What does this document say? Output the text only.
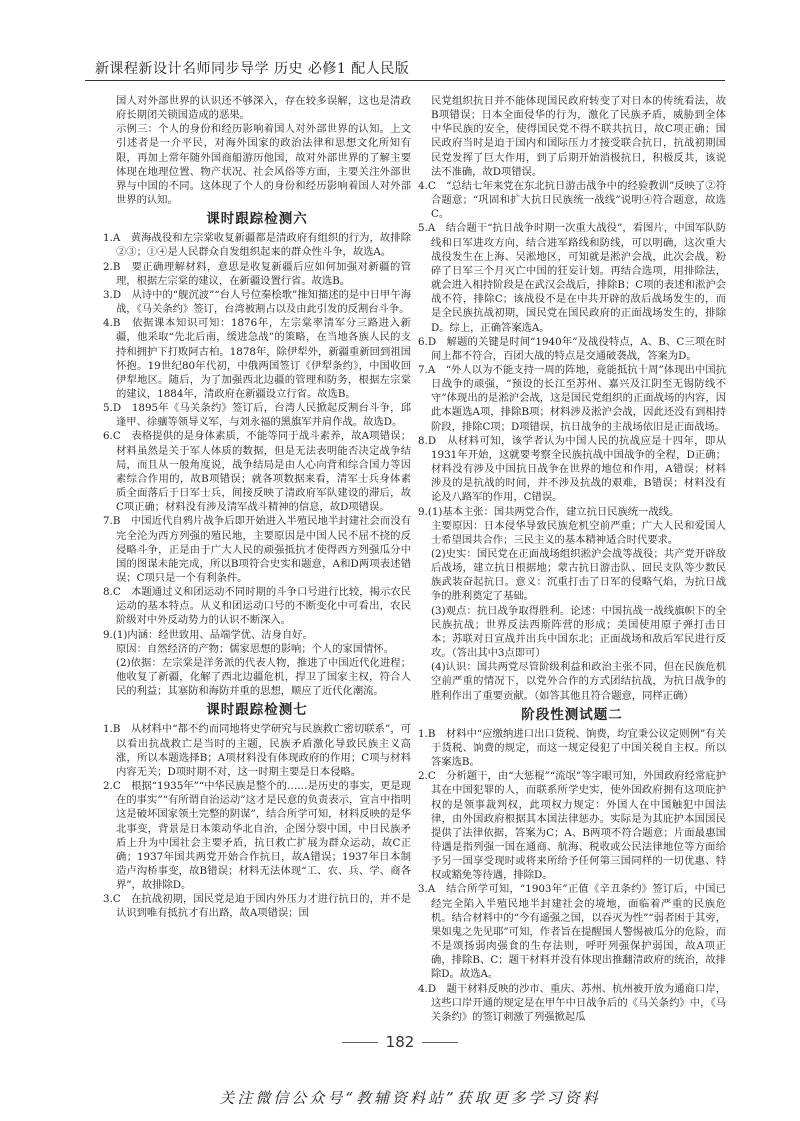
新课程新设计名师同步导学 历史 必修1 配人民版

国人对外部世界的认识还不够深入，存在较多误解，这也是清政府长期闭关锁国造成的恶果。

示例三：个人的身份和经历影响着国人对外部世界的认知。上文引述者是一介平民，对海外国家的政治法律和思想文化所知有限，再加上常年随外国商船游历他国，故对外部世界的了解主要体现在地理位置、物产状况、社会风俗等方面，主要关注外部世界与中国的不同。这体现了个人的身份和经历影响着国人对外部世界的认知。

课时跟踪检测六

1.A　黄海战役和左宗棠收复新疆都是清政府有组织的行为，故排除②③；①④是人民群众自发组织起来的群众性斗争，故选A。

2.B　要正确理解材料，意思是收复新疆后应如何加强对新疆的管理，根据左宗棠的建议，在新疆设置行省。故选B。

3.D　从诗中的“舰沉波”“台人号位秦桧歌”推知描述的是中日甲午海战，《马关条约》签订，台湾被割占以及由此引发的反割台斗争。

4.B　依据课本知识可知：1876年，左宗棠率清军分三路进入新疆，他采取“先北后南，缓进急战”的策略，在当地各族人民的支持和拥护下打败阿古柏。1878年，除伊犁外，新疆重新回到祖国怀抱。19世纪80年代初，中俄两国签订《伊犁条约》，中国收回伊犁地区。随后，为了加强西北边疆的管理和防务，根据左宗棠的建议，1884年，清政府在新疆设立行省。故选B。

5.D　1895年《马关条约》签订后，台湾人民掀起反割台斗争，邱逢甲、徐骧等领导义军，与刘永福的黑旗军并肩作战。故选D。

6.C　表格提供的是身体素质，不能等同于战斗素养，故A项错误；材料虽然是关于军人体质的数据，但是无法表明能否决定战争结局，而且从一般角度说，战争结局是由人心向背和综合国力等因素综合作用的，故B项错误；就各项数据来看，清军士兵身体素质全面落后于日军士兵，间接反映了清政府军队建设的滞后，故C项正确；材料没有涉及清军战斗精神的信息，故D项错误。

7.B　中国近代自鸦片战争后即开始进入半殖民地半封建社会而没有完全沦为西方列强的殖民地，主要原因是中国人民不屈不挠的反侵略斗争，正是由于广大人民的顽强抵抗才使得西方列强瓜分中国的图谋未能完成，所以B项符合史实和题意，A和D两项表述错误；C项只是一个有利条件。

8.C　本题通过义和团运动不同时期的斗争口号进行比较，揭示农民运动的基本特点。从义和团运动口号的不断变化中可看出，农民阶级对中外反动势力的认识不断深入。

9.(1)内涵：经世致用、品端学优、洁身自好。

原因：自然经济的产物；儒家思想的影响；个人的家国情怀。

(2)依据：左宗棠是洋务派的代表人物，推进了中国近代化进程；他收复了新疆，化解了西北边疆危机，捍卫了国家主权，符合人民的利益；其塞防和海防并重的思想，顺应了近代化潮流。

课时跟踪检测七

1.B　从材料中“都不约而同地将史学研究与民族救亡密切联系”，可以看出抗战救亡是当时的主题，民族矛盾激化导致民族主义高涨，所以本题选择B；A项材料没有体现政府的作用；C项与材料内容无关；D项时期不对，这一时期主要是日本侵略。

2.C　根据“1935年”“中华民族是整个的……是历史的事实，更是现在的事实”“有所谓自治运动”这才是民意的负责表示，宣言中指明这是破坏国家领土完整的阴谋”，结合所学可知，材料反映的是华北事变，背景是日本策动华北自治，企图分裂中国，中日民族矛盾上升为中国社会主要矛盾，抗日救亡扩展为群众运动，故C正确；1937年国共两党开始合作抗日，故A错误；1937年日本制造卢沟桥事变，故B错误；材料无法体现“工、农、兵、学、商各界”，故排除D。

3.C　在抗战初期，国民党是迫于国内外压力才进行抗日的，并不是认识到唯有抵抗才有出路，故A项错误；国

民党组织抗日并不能体现国民政府转变了对日本的传统看法，故B项错误；日本全面侵华的行为，激化了民族矛盾，威胁到全体中华民族的安全，使得国民党不得不联共抗日，故C项正确；国民政府当时是迫于国内和国际压力才接受联合抗日，抗战初期国民党发挥了巨大作用，到了后期开始消极抗日，积极反共，该说法不准确，故D项错误。

4.C　“总结七年来党在东北抗日游击战争中的经验教训”反映了②符合题意；“巩固和扩大抗日民族统一战线”说明④符合题意，故选C。

5.A　结合题干“抗日战争时期一次重大战役”，看图片，中国军队防线和日军进攻方向，结合进军路线和防线，可以明确，这次重大战役发生在上海、吴淞地区，可知就是淞沪会战，此次会战，粉碎了日军三个月灭亡中国的狂妄计划。再结合选项，用排除法，就会进入相持阶段是在武汉会战后，排除B；C项的表述和淞沪会战不符，排除C；该战役不是在中共开辟的敌后战场发生的，而是全民族抗战初期，国民党在国民政府的正面战场发生的，排除D。综上，正确答案选A。

6.D　解题的关键是时间“1940年”及战役特点，A、B、C三项在时间上都不符合，百团大战的特点是交通破袭战，答案为D。

7.A　“外人以为不能支持一周的阵地，竟能抵抗十周”体现出中国抗日战争的顽强，“预设的长江至苏州、嘉兴及江阴至无锡防线不守”体现出的是淞沪会战，这是国民党组织的正面战场的内容，因此本题选A项，排除B项；材料涉及淞沪会战，因此还没有到相持阶段，排除C项；D项错误，抗日战争的主战场依旧是正面战场。

8.D　从材料可知，该学者认为中国人民的抗战应是十四年，即从1931年开始，这就要考察全民族抗战中国战争的全程，D正确；材料没有涉及中国抗日战争在世界的地位和作用，A错误；材料涉及的是抗战的时间，并不涉及抗战的艰难，B错误；材料没有论及八路军的作用，C错误。

9.(1)基本主张：国共两党合作，建立抗日民族统一战线。

主要原因：日本侵华导致民族危机空前严重；广大人民和爱国人士希望国共合作；三民主义的基本精神适合时代要求。

(2)史实：国民党在正面战场组织淞沪会战等战役；共产党开辟敌后战场，建立抗日根据地；蒙古抗日游击队、回民支队等少数民族武装奋起抗日。意义：沉重打击了日军的侵略气焰，为抗日战争的胜利奠定了基础。

(3)观点：抗日战争取得胜利。论述：中国抗战一战线旗帜下的全民族抗战；世界反法西斯阵营的形成；美国使用原子弹打击日本；苏联对日宣战并出兵中国东北；正面战场和敌后军民进行反攻。（答出其中3点即可）

(4)认识：国共两党尽管阶级利益和政治主张不同，但在民族危机空前严重的情况下，以党外合作的方式团结抗战，为抗日战争的胜利作出了重要贡献。（如答其他且符合题意，同样正确）

阶段性测试题二

1.B　材料中“应缴纳进口出口货税、饷费，均宜秉公议定则例”有关于货税、饷费的规定，而这一规定侵犯了中国关税自主权。所以答案选B。

2.C　分析题干，由“大惩棍”“流氓”等字眼可知，外国政府经常庇护其在中国犯罪的人，而联系所学史实，使外国政府拥有这项庇护权的是领事裁判权，此项权力规定：外国人在中国触犯中国法律，由外国政府根据其本国法律惩办。实际是为其庇护本国国民提供了法律依据，答案为C；A、B两项不符合题意；片面最惠国待遇是指列强一国在通商、航海、税收或公民法律地位等方面给予另一国享受现时或将来所给予任何第三国同样的一切优惠、特权或豁免等待遇，排除D。

3.A　结合所学可知，“1903年”正值《辛丑条约》签订后，中国已经完全陷入半殖民地半封建社会的境地，面临着严重的民族危机。结合材料中的“今有遥强之国，以吞灭为性”“弱者困于其旁，果如鬼之先见耶”可知，作者旨在提醒国人警惕被瓜分的危险，而不是颂扬弱肉强食的生存法则，呼吁列强保护弱国，故A项正确，排除B、C；题干材料并没有体现出推翻清政府的统治，故排除D。故选A。

4.D　题干材料反映的沙市、重庆、苏州、杭州被开放为通商口岸，这些口岸开通的规定是在甲午中日战争后的《马关条约》中，《马关条约》的签订刺激了列强掀起瓜

182
关注微信公众号“教辅资料站”获取更多学习资料
